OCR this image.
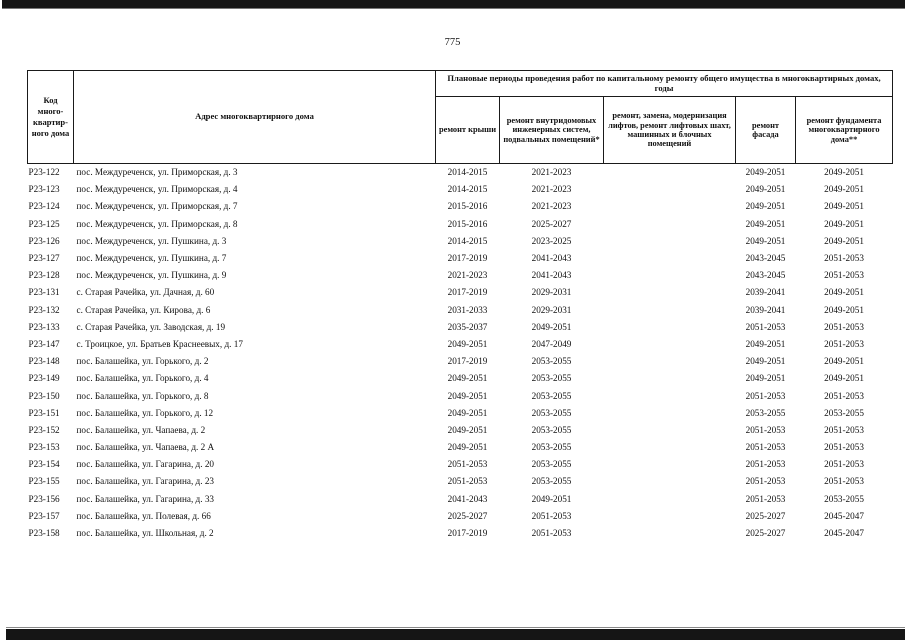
775
Код много-квартир-ного дома	Адрес многоквартирного дома	Плановые периоды проведения работ по капитальному ремонту общего имущества в многоквартирных домах, годы				
		ремонт крыши	ремонт внутридомовых инженерных систем, подвальных помещений*	ремонт, замена, модернизация лифтов, ремонт лифтовых шахт, машинных и блочных помещений	ремонт фасада	ремонт фундамента многоквартирного дома**
Р23-122	пос. Междуреченск, ул. Приморская, д. 3	2014-2015	2021-2023		2049-2051	2049-2051
Р23-123	пос. Междуреченск, ул. Приморская, д. 4	2014-2015	2021-2023		2049-2051	2049-2051
Р23-124	пос. Междуреченск, ул. Приморская, д. 7	2015-2016	2021-2023		2049-2051	2049-2051
Р23-125	пос. Междуреченск, ул. Приморская, д. 8	2015-2016	2025-2027		2049-2051	2049-2051
Р23-126	пос. Междуреченск, ул. Пушкина, д. 3	2014-2015	2023-2025		2049-2051	2049-2051
Р23-127	пос. Междуреченск, ул. Пушкина, д. 7	2017-2019	2041-2043		2043-2045	2051-2053
Р23-128	пос. Междуреченск, ул. Пушкина, д. 9	2021-2023	2041-2043		2043-2045	2051-2053
Р23-131	с. Старая Рачейка, ул. Дачная, д. 60	2017-2019	2029-2031		2039-2041	2049-2051
Р23-132	с. Старая Рачейка, ул. Кирова, д. 6	2031-2033	2029-2031		2039-2041	2049-2051
Р23-133	с. Старая Рачейка, ул. Заводская, д. 19	2035-2037	2049-2051		2051-2053	2051-2053
Р23-147	с. Троицкое, ул. Братьев Краснеевых, д. 17	2049-2051	2047-2049		2049-2051	2051-2053
Р23-148	пос. Балашейка, ул. Горького, д. 2	2017-2019	2053-2055		2049-2051	2049-2051
Р23-149	пос. Балашейка, ул. Горького, д. 4	2049-2051	2053-2055		2049-2051	2049-2051
Р23-150	пос. Балашейка, ул. Горького, д. 8	2049-2051	2053-2055		2051-2053	2051-2053
Р23-151	пос. Балашейка, ул. Горького, д. 12	2049-2051	2053-2055		2053-2055	2053-2055
Р23-152	пос. Балашейка, ул. Чапаева, д. 2	2049-2051	2053-2055		2051-2053	2051-2053
Р23-153	пос. Балашейка, ул. Чапаева, д. 2 А	2049-2051	2053-2055		2051-2053	2051-2053
Р23-154	пос. Балашейка, ул. Гагарина, д. 20	2051-2053	2053-2055		2051-2053	2051-2053
Р23-155	пос. Балашейка, ул. Гагарина, д. 23	2051-2053	2053-2055		2051-2053	2051-2053
Р23-156	пос. Балашейка, ул. Гагарина, д. 33	2041-2043	2049-2051		2051-2053	2053-2055
Р23-157	пос. Балашейка, ул. Полевая, д. 66	2025-2027	2051-2053		2025-2027	2045-2047
Р23-158	пос. Балашейка, ул. Школьная, д. 2	2017-2019	2051-2053		2025-2027	2045-2047
